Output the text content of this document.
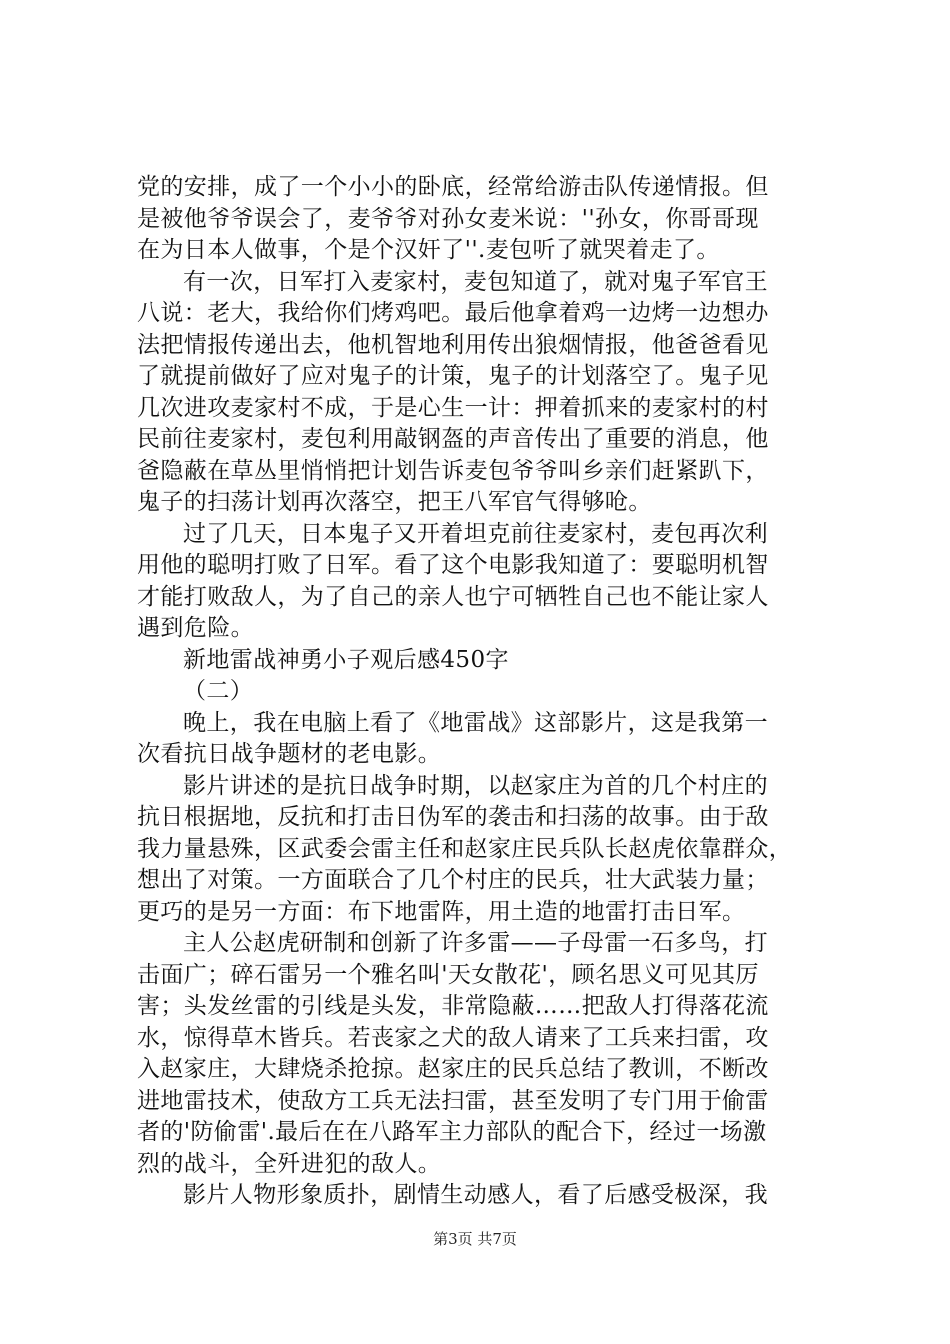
党的安排，成了一个小小的卧底，经常给游击队传递情报。但
是被他爷爷误会了，麦爷爷对孙女麦米说：''孙女，你哥哥现
在为日本人做事，个是个汉奸了''.麦包听了就哭着走了。
有一次，日军打入麦家村，麦包知道了，就对鬼子军官王
八说：老大，我给你们烤鸡吧。最后他拿着鸡一边烤一边想办
法把情报传递出去，他机智地利用传出狼烟情报，他爸爸看见
了就提前做好了应对鬼子的计策，鬼子的计划落空了。鬼子见
几次进攻麦家村不成，于是心生一计：押着抓来的麦家村的村
民前往麦家村，麦包利用敲钢盔的声音传出了重要的消息，他
爸隐蔽在草丛里悄悄把计划告诉麦包爷爷叫乡亲们赶紧趴下，
鬼子的扫荡计划再次落空，把王八军官气得够呛。
过了几天，日本鬼子又开着坦克前往麦家村，麦包再次利
用他的聪明打败了日军。看了这个电影我知道了：要聪明机智
才能打败敌人，为了自己的亲人也宁可牺牲自己也不能让家人
遇到危险。
新地雷战神勇小子观后感450字
（二）
晚上，我在电脑上看了《地雷战》这部影片，这是我第一
次看抗日战争题材的老电影。
影片讲述的是抗日战争时期，以赵家庄为首的几个村庄的
抗日根据地，反抗和打击日伪军的袭击和扫荡的故事。由于敌
我力量悬殊，区武委会雷主任和赵家庄民兵队长赵虎依靠群众，
想出了对策。一方面联合了几个村庄的民兵，壮大武装力量；
更巧的是另一方面：布下地雷阵，用土造的地雷打击日军。
主人公赵虎研制和创新了许多雷——子母雷一石多鸟，打
击面广；碎石雷另一个雅名叫'天女散花'，顾名思义可见其厉
害；头发丝雷的引线是头发，非常隐蔽……把敌人打得落花流
水，惊得草木皆兵。若丧家之犬的敌人请来了工兵来扫雷，攻
入赵家庄，大肆烧杀抢掠。赵家庄的民兵总结了教训，不断改
进地雷技术，使敌方工兵无法扫雷，甚至发明了专门用于偷雷
者的'防偷雷'.最后在在八路军主力部队的配合下，经过一场激
烈的战斗，全歼进犯的敌人。
影片人物形象质扑，剧情生动感人，看了后感受极深，我
第3页 共7页
